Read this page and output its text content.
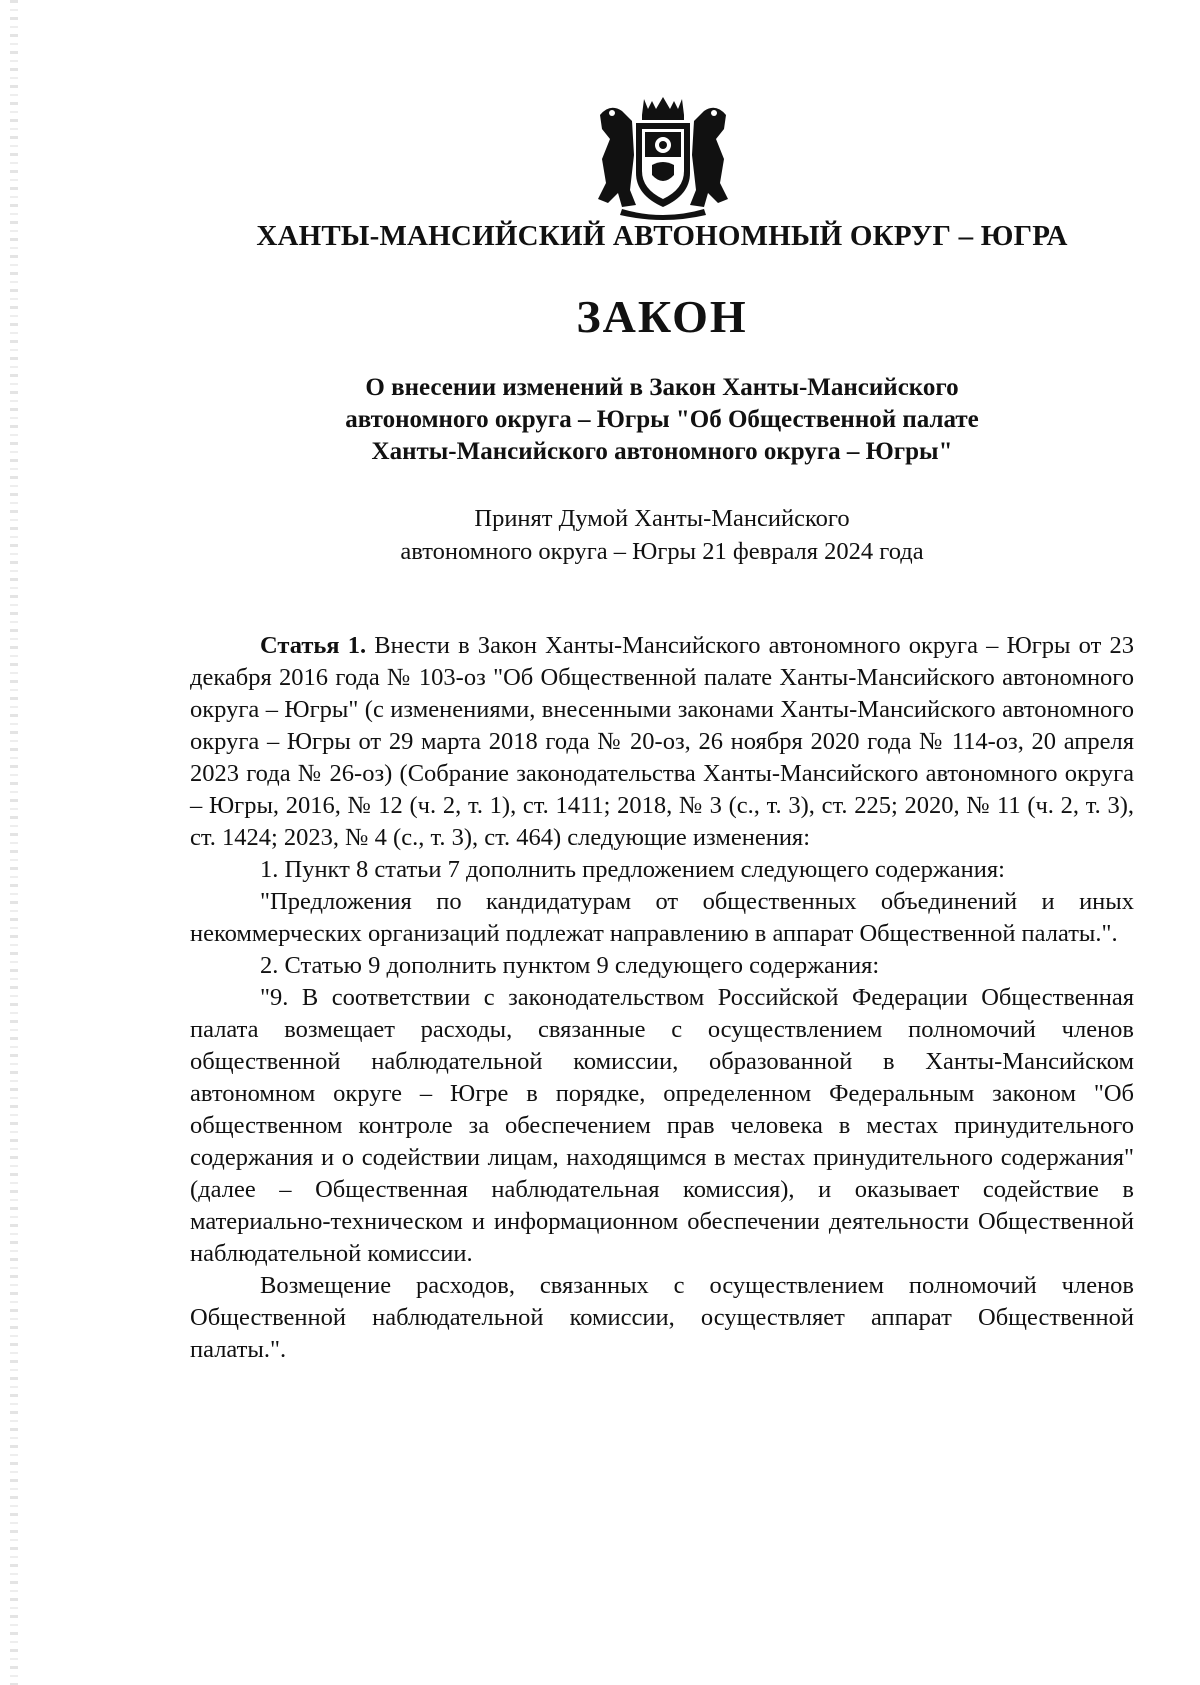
ХАНТЫ-МАНСИЙСКИЙ АВТОНОМНЫЙ ОКРУГ – ЮГРА
ЗАКОН
О внесении изменений в Закон Ханты-Мансийского
автономного округа – Югры "Об Общественной палате
Ханты-Мансийского автономного округа – Югры"
Принят Думой Ханты-Мансийского
автономного округа – Югры 21 февраля 2024 года

Статья 1. Внести в Закон Ханты-Мансийского автономного округа – Югры от 23 декабря 2016 года № 103-оз "Об Общественной палате Ханты-Мансийского автономного округа – Югры" (с изменениями, внесенными законами Ханты-Мансийского автономного округа – Югры от 29 марта 2018 года № 20-оз, 26 ноября 2020 года № 114-оз, 20 апреля 2023 года № 26-оз) (Собрание законодательства Ханты-Мансийского автономного округа – Югры, 2016, № 12 (ч. 2, т. 1), ст. 1411; 2018, № 3 (с., т. 3), ст. 225; 2020, № 11 (ч. 2, т. 3), ст. 1424; 2023, № 4 (с., т. 3), ст. 464) следующие изменения:

1. Пункт 8 статьи 7 дополнить предложением следующего содержания:

"Предложения по кандидатурам от общественных объединений и иных некоммерческих организаций подлежат направлению в аппарат Общественной палаты.".

2. Статью 9 дополнить пунктом 9 следующего содержания:

"9. В соответствии с законодательством Российской Федерации Общественная палата возмещает расходы, связанные с осуществлением полномочий членов общественной наблюдательной комиссии, образованной в Ханты-Мансийском автономном округе – Югре в порядке, определенном Федеральным законом "Об общественном контроле за обеспечением прав человека в местах принудительного содержания и о содействии лицам, находящимся в местах принудительного содержания" (далее – Общественная наблюдательная комиссия), и оказывает содействие в материально-техническом и информационном обеспечении деятельности Общественной наблюдательной комиссии.

Возмещение расходов, связанных с осуществлением полномочий членов Общественной наблюдательной комиссии, осуществляет аппарат Общественной палаты.".
